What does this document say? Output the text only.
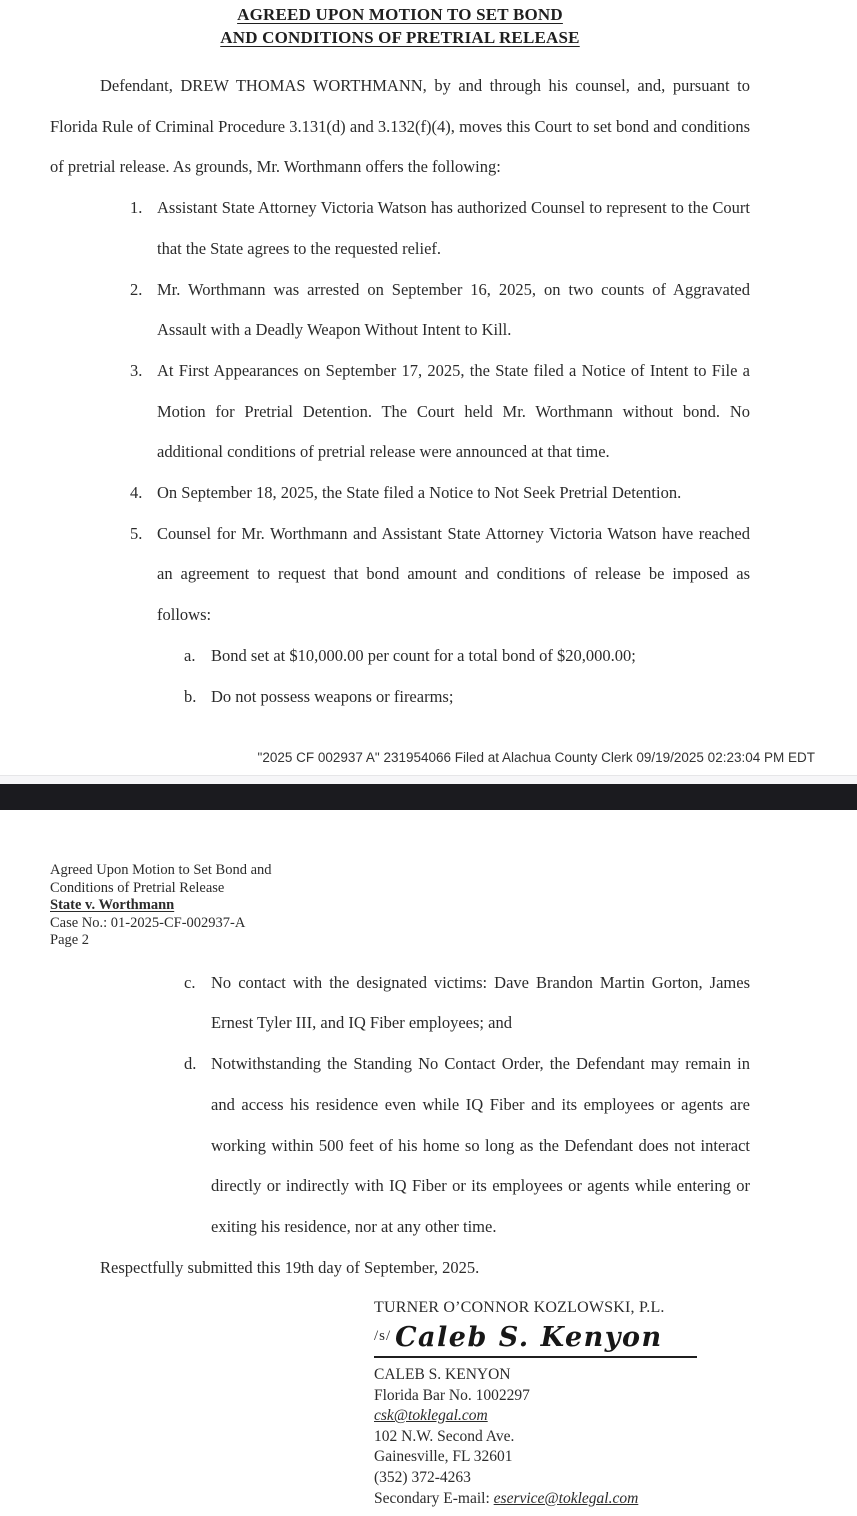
AGREED UPON MOTION TO SET BOND
AND CONDITIONS OF PRETRIAL RELEASE

Defendant, DREW THOMAS WORTHMANN, by and through his counsel, and, pursuant to Florida Rule of Criminal Procedure 3.131(d) and 3.132(f)(4), moves this Court to set bond and conditions of pretrial release. As grounds, Mr. Worthmann offers the following:

1. Assistant State Attorney Victoria Watson has authorized Counsel to represent to the Court that the State agrees to the requested relief.
2. Mr. Worthmann was arrested on September 16, 2025, on two counts of Aggravated Assault with a Deadly Weapon Without Intent to Kill.
3. At First Appearances on September 17, 2025, the State filed a Notice of Intent to File a Motion for Pretrial Detention. The Court held Mr. Worthmann without bond. No additional conditions of pretrial release were announced at that time.
4. On September 18, 2025, the State filed a Notice to Not Seek Pretrial Detention.
5. Counsel for Mr. Worthmann and Assistant State Attorney Victoria Watson have reached an agreement to request that bond amount and conditions of release be imposed as follows:
a. Bond set at $10,000.00 per count for a total bond of $20,000.00;
b. Do not possess weapons or firearms;
"2025 CF 002937 A" 231954066 Filed at Alachua County Clerk 09/19/2025 02:23:04 PM EDT
Agreed Upon Motion to Set Bond and
Conditions of Pretrial Release
State v. Worthmann
Case No.: 01-2025-CF-002937-A
Page 2
c. No contact with the designated victims: Dave Brandon Martin Gorton, James Ernest Tyler III, and IQ Fiber employees; and
d. Notwithstanding the Standing No Contact Order, the Defendant may remain in and access his residence even while IQ Fiber and its employees or agents are working within 500 feet of his home so long as the Defendant does not interact directly or indirectly with IQ Fiber or its employees or agents while entering or exiting his residence, nor at any other time.

Respectfully submitted this 19th day of September, 2025.

TURNER O’CONNOR KOZLOWSKI, P.L.
/s/ Caleb S. Kenyon
CALEB S. KENYON
Florida Bar No. 1002297
csk@toklegal.com
102 N.W. Second Ave.
Gainesville, FL 32601
(352) 372-4263
Secondary E-mail: eservice@toklegal.com
